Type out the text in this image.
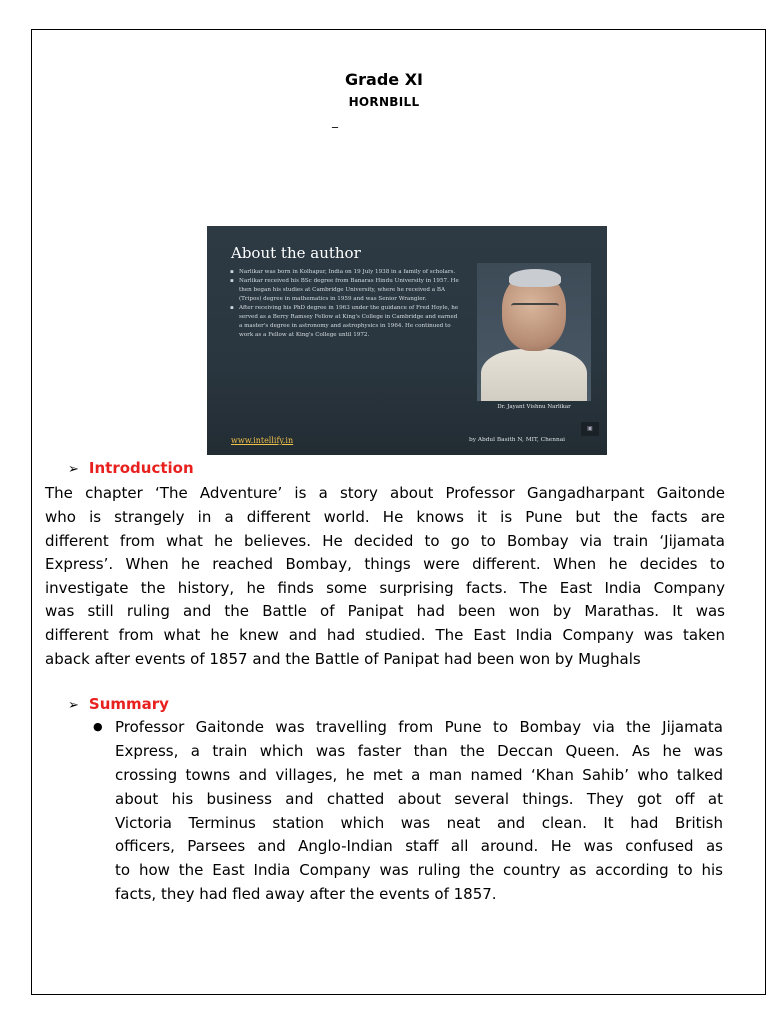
Grade XI
HORNBILL
_
About the author

▪ Narlikar was born in Kolhapur, India on 19 July 1938 in a family of scholars.

▪ Narlikar received his BSc degree from Banaras Hindu University in 1957. He then began his studies at Cambridge University, where he received a BA (Tripos) degree in mathematics in 1959 and was Senior Wrangler.

▪ After receiving his PhD degree in 1963 under the guidance of Fred Hoyle, he served as a Berry Ramsey Fellow at King's College in Cambridge and earned a master's degree in astronomy and astrophysics in 1964. He continued to work as a Fellow at King's College until 1972.

Dr. Jayant Vishnu Narlikar
www.intellify.in	by Abdul Basith N, MIT, Chennai
▣
➢ Introduction

The chapter ‘The Adventure’ is a story about Professor Gangadharpant Gaitonde

who is strangely in a different world. He knows it is Pune but the facts are

different from what he believes. He decided to go to Bombay via train ‘Jijamata

Express’. When he reached Bombay, things were different. When he decides to

investigate the history, he finds some surprising facts. The East India Company

was still ruling and the Battle of Panipat had been won by Marathas. It was

different from what he knew and had studied. The East India Company was taken

aback after events of 1857 and the Battle of Panipat had been won by Mughals

➢ Summary
● Professor Gaitonde was travelling from Pune to Bombay via the Jijamata

Express, a train which was faster than the Deccan Queen. As he was

crossing towns and villages, he met a man named ‘Khan Sahib’ who talked

about his business and chatted about several things. They got off at

Victoria Terminus station which was neat and clean. It had British

officers, Parsees and Anglo-Indian staff all around. He was confused as

to how the East India Company was ruling the country as according to his

facts, they had fled away after the events of 1857.
